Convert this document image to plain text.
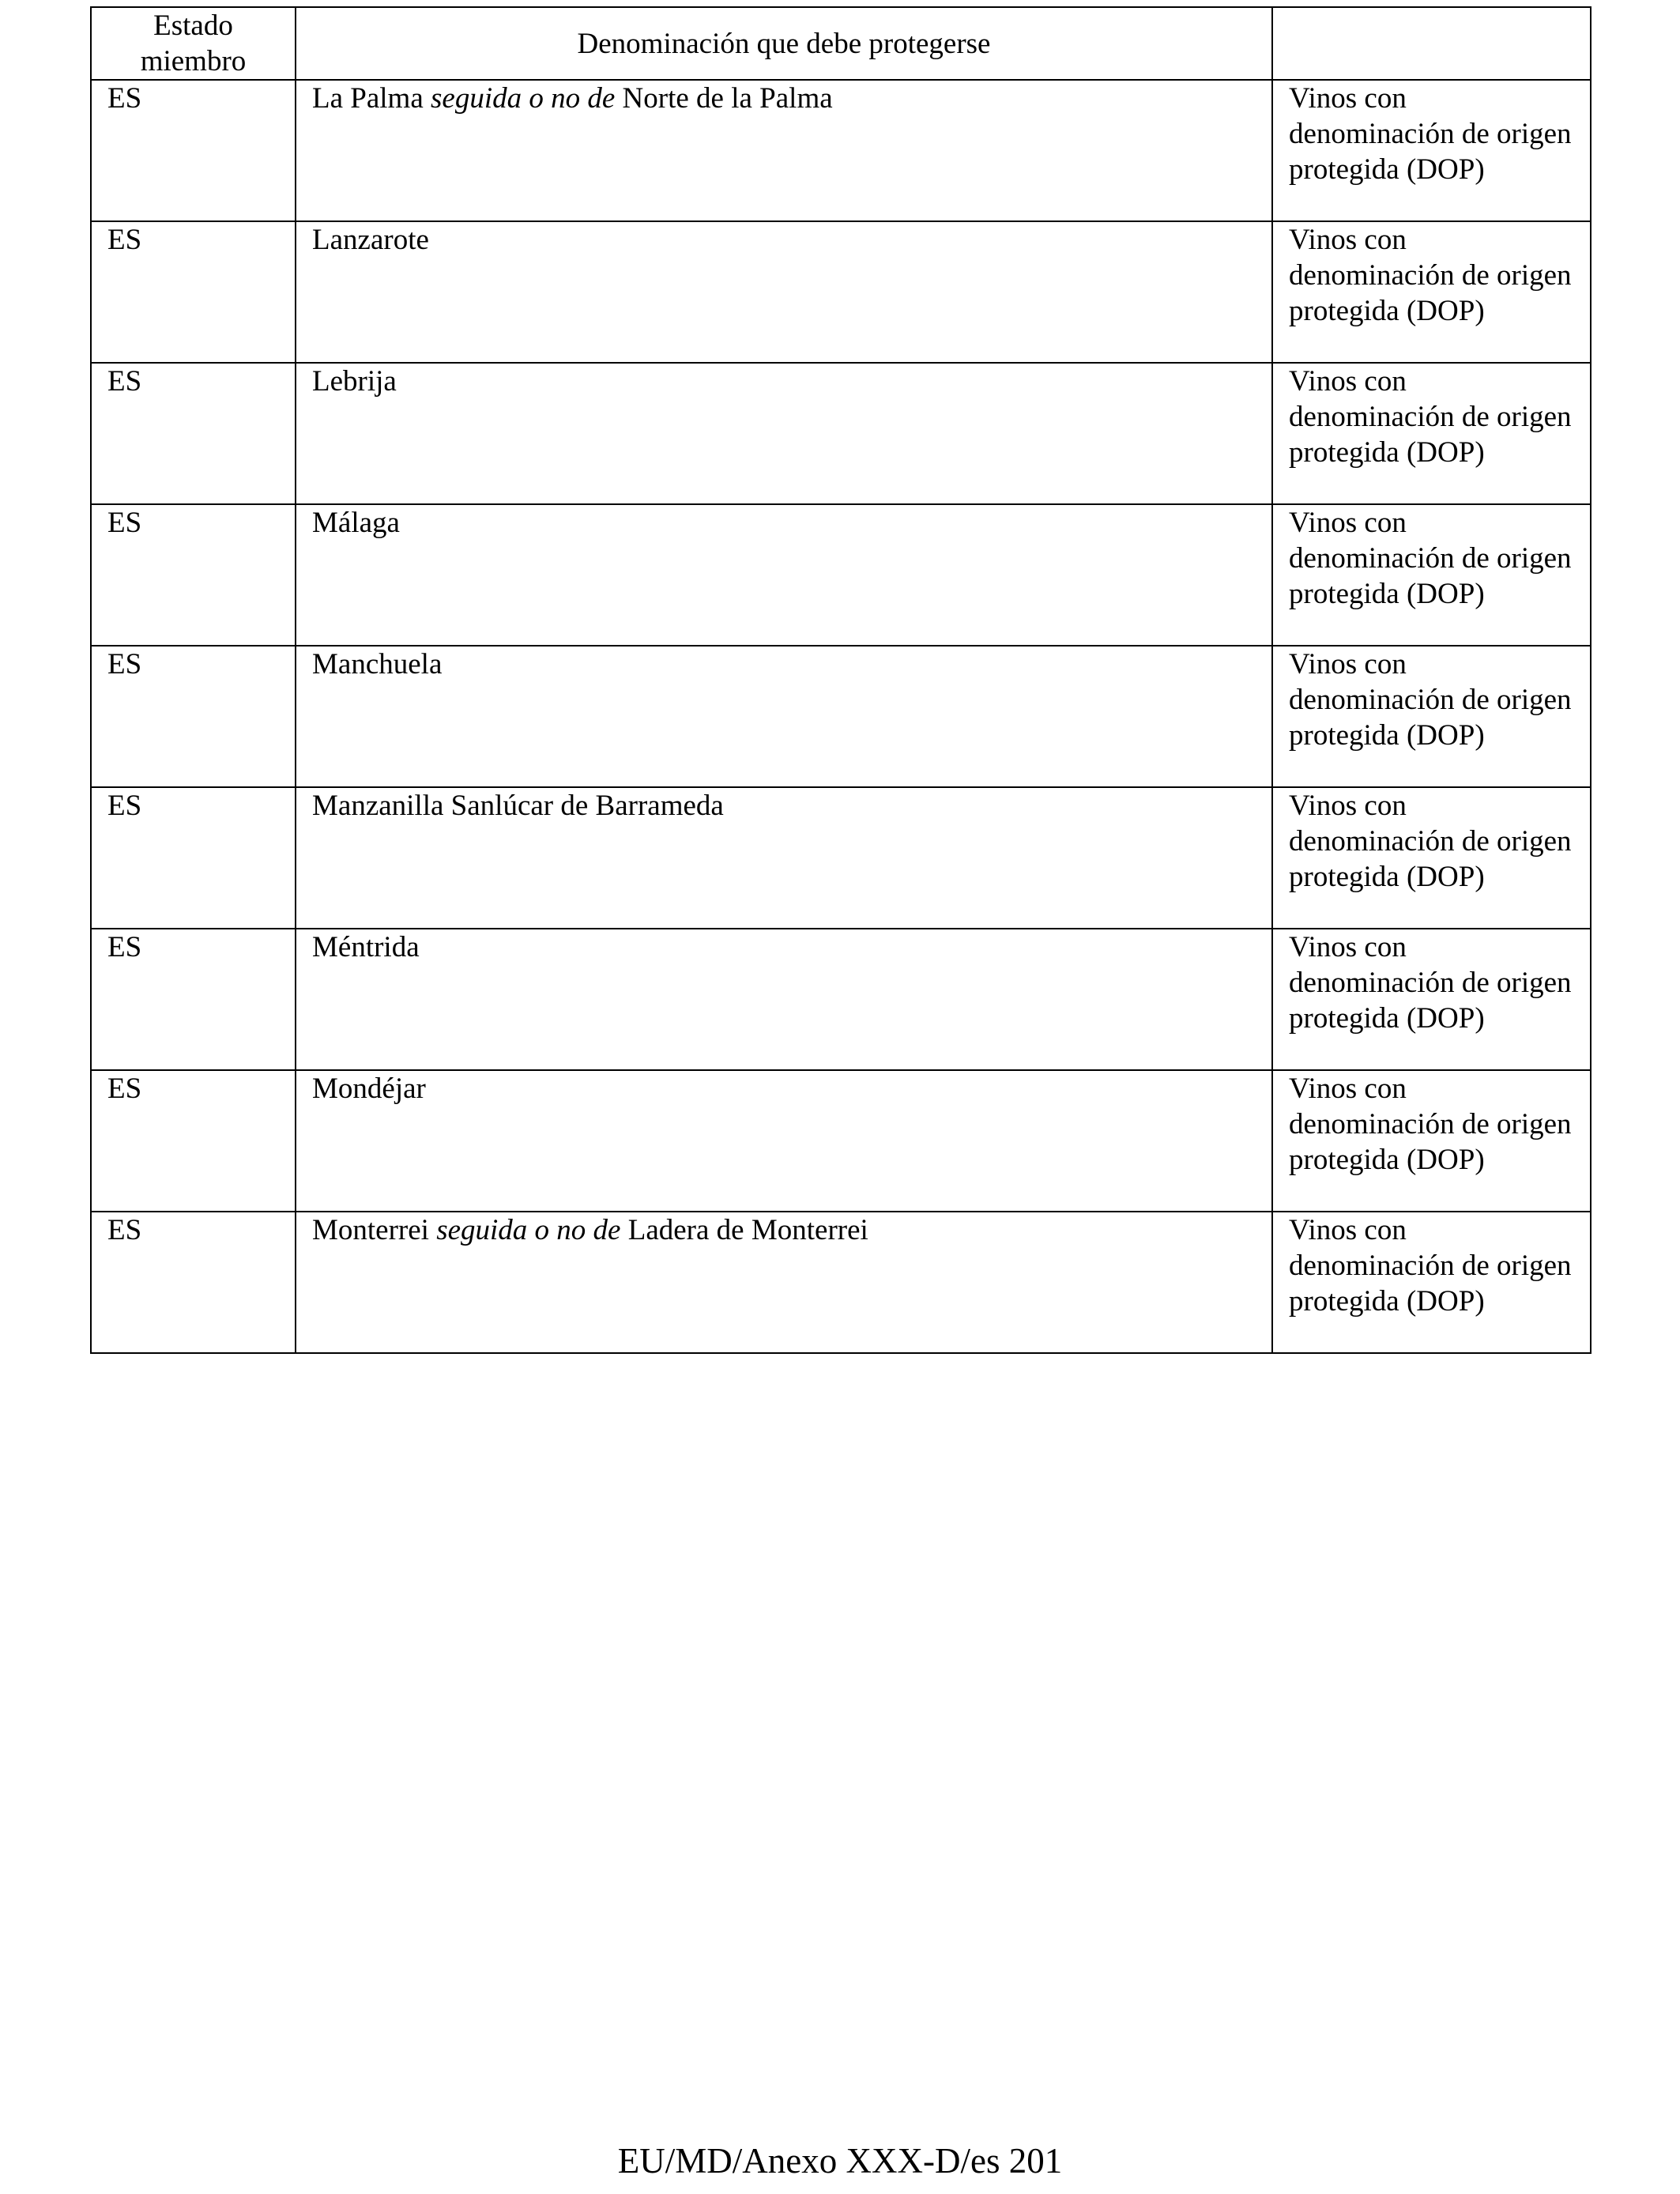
Estado miembro	Denominación que debe protegerse	
ES	La Palma seguida o no de Norte de la Palma	Vinos con denominación de origen protegida (DOP)
ES	Lanzarote	Vinos con denominación de origen protegida (DOP)
ES	Lebrija	Vinos con denominación de origen protegida (DOP)
ES	Málaga	Vinos con denominación de origen protegida (DOP)
ES	Manchuela	Vinos con denominación de origen protegida (DOP)
ES	Manzanilla Sanlúcar de Barrameda	Vinos con denominación de origen protegida (DOP)
ES	Méntrida	Vinos con denominación de origen protegida (DOP)
ES	Mondéjar	Vinos con denominación de origen protegida (DOP)
ES	Monterrei seguida o no de Ladera de Monterrei	Vinos con denominación de origen protegida (DOP)
EU/MD/Anexo XXX-D/es 201
